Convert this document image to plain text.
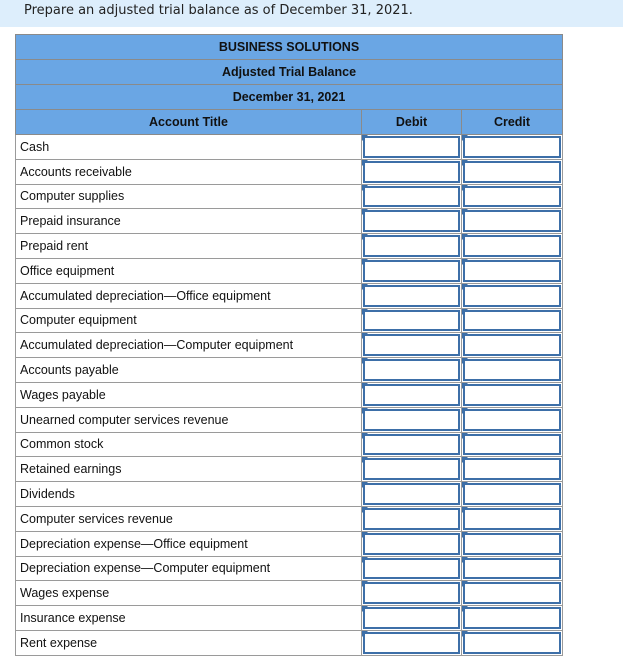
Prepare an adjusted trial balance as of December 31, 2021.
BUSINESS SOLUTIONS		
Adjusted Trial Balance		
December 31, 2021		
Account Title	Debit	Credit
Cash	

Accounts receivable	

Computer supplies	

Prepaid insurance	

Prepaid rent	

Office equipment	

Accumulated depreciation—Office equipment	

Computer equipment	

Accumulated depreciation—Computer equipment	

Accounts payable	

Wages payable	

Unearned computer services revenue	

Common stock	

Retained earnings	

Dividends	

Computer services revenue	

Depreciation expense—Office equipment	

Depreciation expense—Computer equipment	

Wages expense	

Insurance expense	

Rent expense	
